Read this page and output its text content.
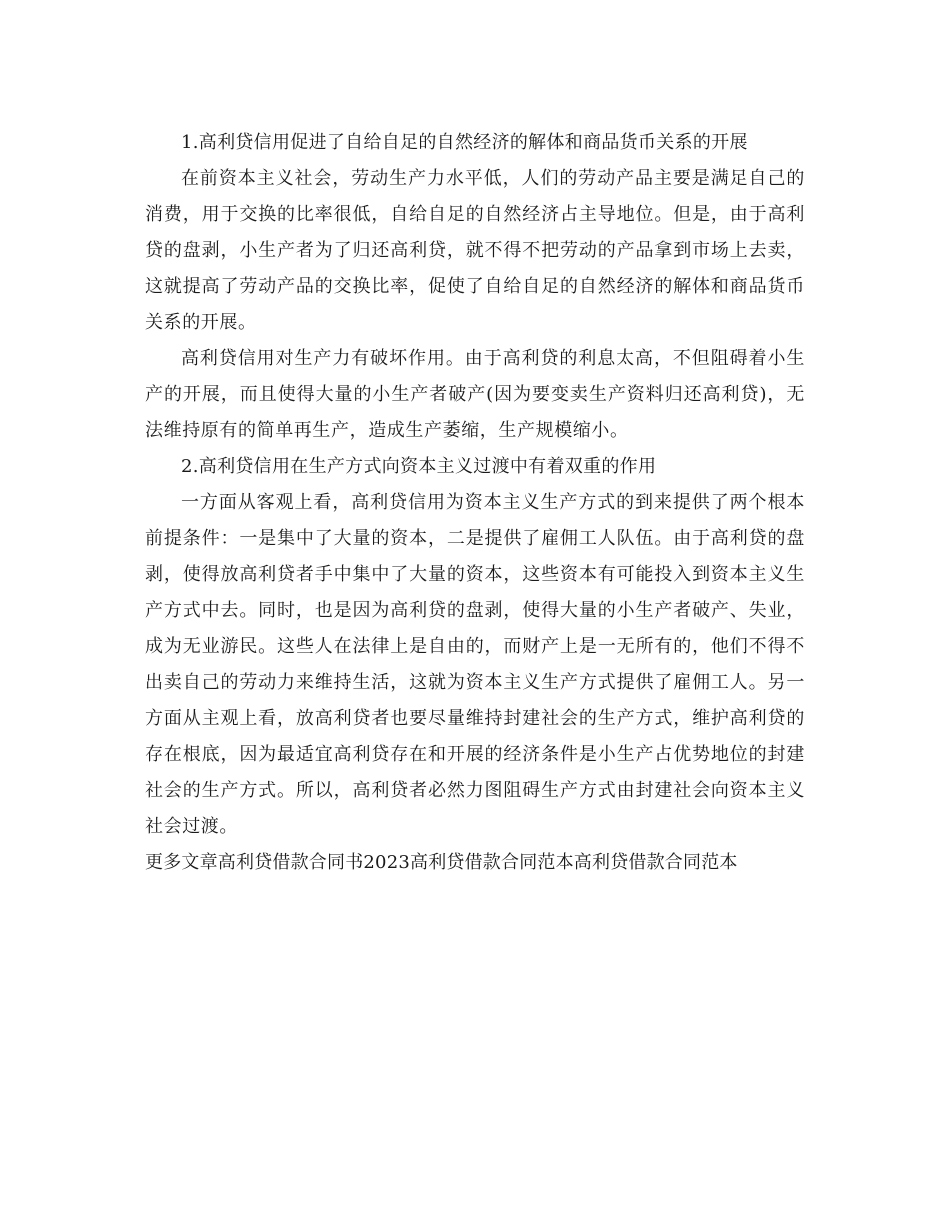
1.高利贷信用促进了自给自足的自然经济的解体和商品货币关系的开展

在前资本主义社会，劳动生产力水平低，人们的劳动产品主要是满足自己的消费，用于交换的比率很低，自给自足的自然经济占主导地位。但是，由于高利贷的盘剥，小生产者为了归还高利贷，就不得不把劳动的产品拿到市场上去卖，这就提高了劳动产品的交换比率，促使了自给自足的自然经济的解体和商品货币关系的开展。

高利贷信用对生产力有破坏作用。由于高利贷的利息太高，不但阻碍着小生产的开展，而且使得大量的小生产者破产(因为要变卖生产资料归还高利贷)，无法维持原有的简单再生产，造成生产萎缩，生产规模缩小。

2.高利贷信用在生产方式向资本主义过渡中有着双重的作用

一方面从客观上看，高利贷信用为资本主义生产方式的到来提供了两个根本前提条件：一是集中了大量的资本，二是提供了雇佣工人队伍。由于高利贷的盘剥，使得放高利贷者手中集中了大量的资本，这些资本有可能投入到资本主义生产方式中去。同时，也是因为高利贷的盘剥，使得大量的小生产者破产、失业，成为无业游民。这些人在法律上是自由的，而财产上是一无所有的，他们不得不出卖自己的劳动力来维持生活，这就为资本主义生产方式提供了雇佣工人。另一方面从主观上看，放高利贷者也要尽量维持封建社会的生产方式，维护高利贷的存在根底，因为最适宜高利贷存在和开展的经济条件是小生产占优势地位的封建社会的生产方式。所以，高利贷者必然力图阻碍生产方式由封建社会向资本主义社会过渡。

更多文章高利贷借款合同书2023高利贷借款合同范本高利贷借款合同范本
